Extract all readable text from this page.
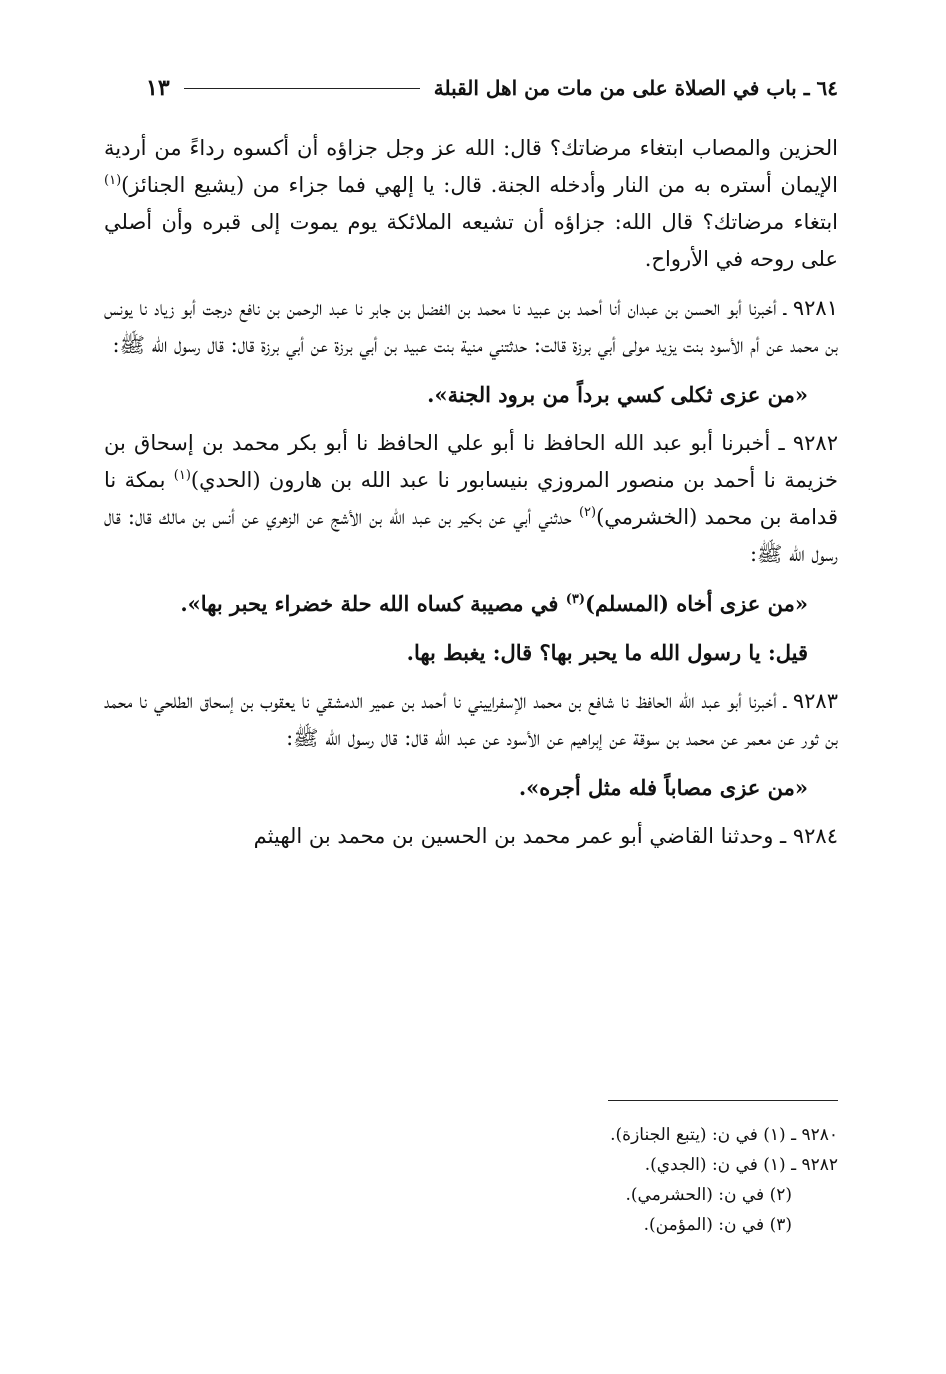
٦٤ ـ باب في الصلاة على من مات من اهل القبلة
١٣

الحزين والمصاب ابتغاء مرضاتك؟ قال: الله عز وجل جزاؤه أن أكسوه رداءً من أردية الإيمان أستره به من النار وأدخله الجنة. قال: يا إلهي فما جزاء من (يشيع الجنائز)$^{(١)}$ ابتغاء مرضاتك؟ قال الله: جزاؤه أن تشيعه الملائكة يوم يموت إلى قبره وأن أصلي على روحه في الأرواح.

٩٢٨١ ـ أخبرنا أبو الحسن بن عبدان أنا أحمد بن عبيد نا محمد بن الفضل بن جابر نا عبد الرحمن بن نافع درجت أبو زياد نا يونس بن محمد عن أم الأسود بنت يزيد مولى أبي برزة قالت: حدثتني منية بنت عبيد بن أبي برزة عن أبي برزة قال: قال رسول الله ﷺ:

«من عزى ثكلى كسي برداً من برود الجنة».

٩٢٨٢ ـ أخبرنا أبو عبد الله الحافظ نا أبو علي الحافظ نا أبو بكر محمد بن إسحاق بن خزيمة نا أحمد بن منصور المروزي بنيسابور نا عبد الله بن هارون (الحدي)$^{(١)}$ بمكة نا قدامة بن محمد (الخشرمي)$^{(٢)}$ حدثني أبي عن بكير بن عبد الله بن الأشج عن الزهري عن أنس بن مالك قال: قال رسول الله ﷺ:

«من عزى أخاه (المسلم)$^{(٣)}$ في مصيبة كساه الله حلة خضراء يحبر بها».

قيل: يا رسول الله ما يحبر بها؟ قال: يغبط بها.

٩٢٨٣ ـ أخبرنا أبو عبد الله الحافظ نا شافع بن محمد الإسفراييني نا أحمد بن عمير الدمشقي نا يعقوب بن إسحاق الطلحي نا محمد بن ثور عن معمر عن محمد بن سوقة عن إبراهيم عن الأسود عن عبد الله قال: قال رسول الله ﷺ:

«من عزى مصاباً فله مثل أجره».

٩٢٨٤ ـ وحدثنا القاضي أبو عمر محمد بن الحسين بن محمد بن الهيثم

٩٢٨٠ ـ (١) في ن: (يتبع الجنازة).

٩٢٨٢ ـ (١) في ن: (الجدي).

(٢) في ن: (الحشرمي).

(٣) في ن: (المؤمن).
